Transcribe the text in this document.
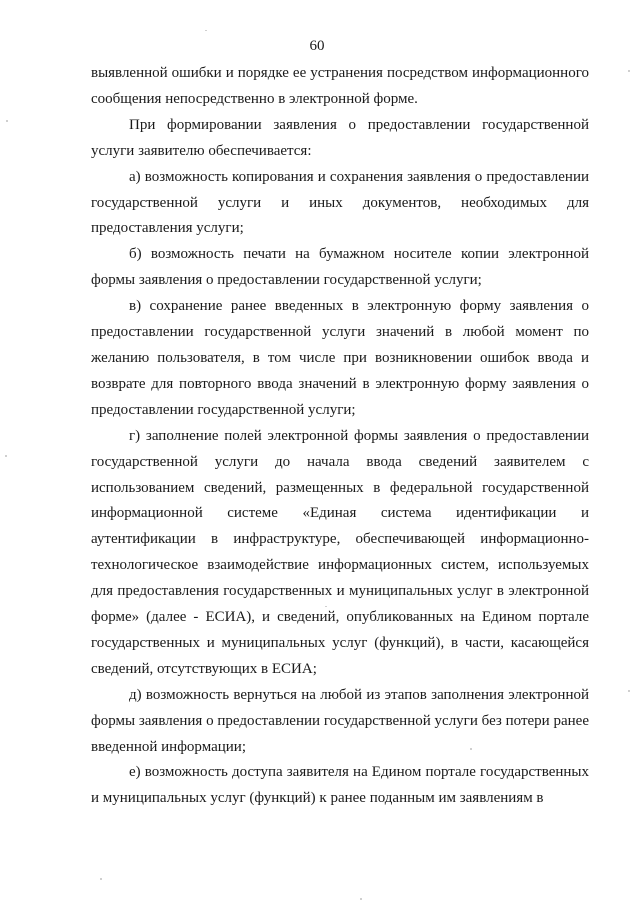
60

выявленной ошибки и порядке ее устранения посредством информационного сообщения непосредственно в электронной форме.

При формировании заявления о предоставлении государственной услуги заявителю обеспечивается:

а) возможность копирования и сохранения заявления о предоставлении государственной услуги и иных документов, необходимых для предоставления услуги;

б) возможность печати на бумажном носителе копии электронной формы заявления о предоставлении государственной услуги;

в) сохранение ранее введенных в электронную форму заявления о предоставлении государственной услуги значений в любой момент по желанию пользователя, в том числе при возникновении ошибок ввода и возврате для повторного ввода значений в электронную форму заявления о предоставлении государственной услуги;

г) заполнение полей электронной формы заявления о предоставлении государственной услуги до начала ввода сведений заявителем с использованием сведений, размещенных в федеральной государственной информационной системе «Единая система идентификации и аутентификации в инфраструктуре, обеспечивающей информационно-технологическое взаимодействие информационных систем, используемых для предоставления государственных и муниципальных услуг в электронной форме» (далее - ЕСИА), и сведений, опубликованных на Едином портале государственных и муниципальных услуг (функций), в части, касающейся сведений, отсутствующих в ЕСИА;

д) возможность вернуться на любой из этапов заполнения электронной формы заявления о предоставлении государственной услуги без потери ранее введенной информации;

е) возможность доступа заявителя на Едином портале государственных и муниципальных услуг (функций) к ранее поданным им заявлениям в
